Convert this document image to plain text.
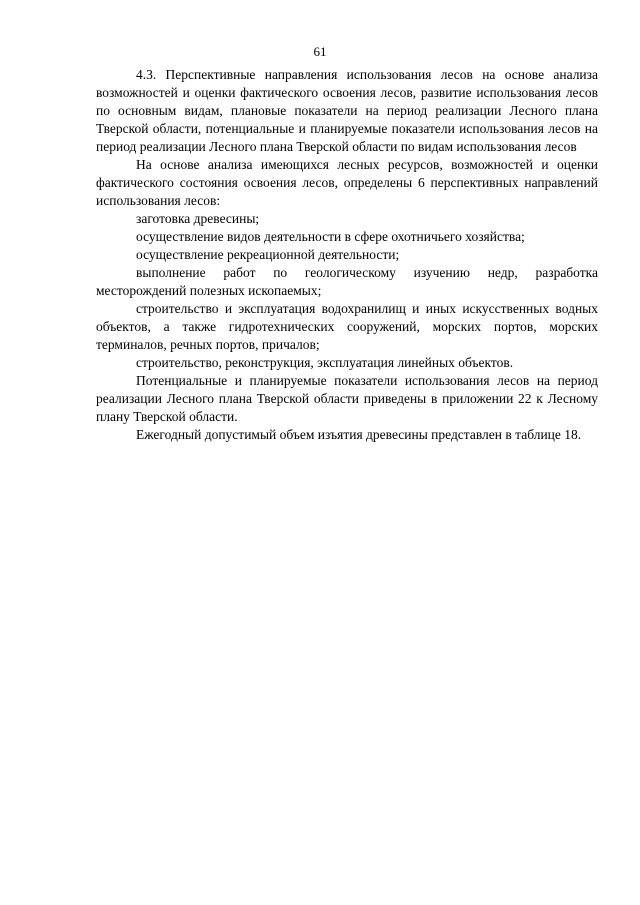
61

4.3. Перспективные направления использования лесов на основе анализа возможностей и оценки фактического освоения лесов, развитие использования лесов по основным видам, плановые показатели на период реализации Лесного плана Тверской области, потенциальные и планируемые показатели использования лесов на период реализации Лесного плана Тверской области по видам использования лесов

На основе анализа имеющихся лесных ресурсов, возможностей и оценки фактического состояния освоения лесов, определены 6 перспективных направлений использования лесов:

заготовка древесины;

осуществление видов деятельности в сфере охотничьего хозяйства;

осуществление рекреационной деятельности;

выполнение работ по геологическому изучению недр, разработка месторождений полезных ископаемых;

строительство и эксплуатация водохранилищ и иных искусственных водных объектов, а также гидротехнических сооружений, морских портов, морских терминалов, речных портов, причалов;

строительство, реконструкция, эксплуатация линейных объектов.

Потенциальные и планируемые показатели использования лесов на период реализации Лесного плана Тверской области приведены в приложении 22 к Лесному плану Тверской области.

Ежегодный допустимый объем изъятия древесины представлен в таблице 18.
